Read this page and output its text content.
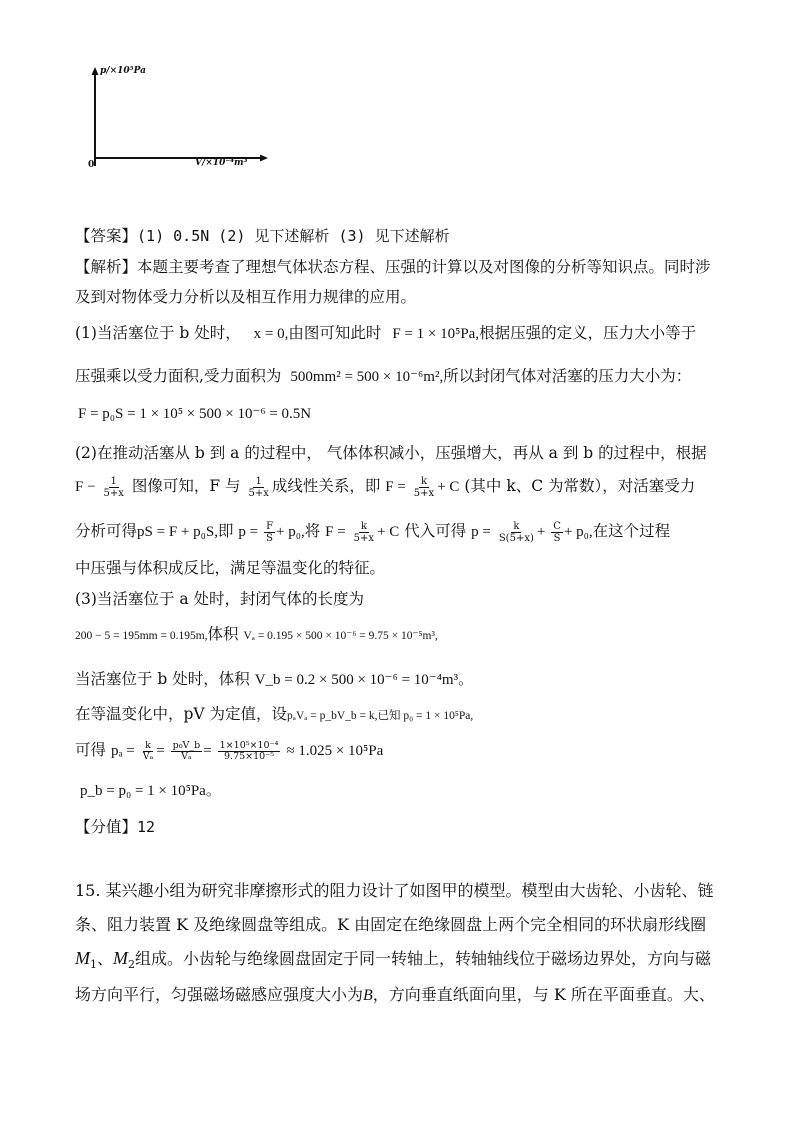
p/×10⁵Pa
V/×10⁻⁴m³
0
【答案】(1) 0.5N (2) 见下述解析 (3) 见下述解析
【解析】本题主要考查了理想气体状态方程、压强的计算以及对图像的分析等知识点。同时涉
及到对物体受力分析以及相互作用力规律的应用。
(1)当活塞位于 b 处时， x = 0,由图可知此时 F = 1 × 10⁵Pa,根据压强的定义，压力大小等于
压强乘以受力面积,受力面积为 500mm² = 500 × 10⁻⁶m²,所以封闭气体对活塞的压力大小为：
F = p₀S = 1 × 10⁵ × 500 × 10⁻⁶ = 0.5N
(2)在推动活塞从 b 到 a 的过程中， 气体体积减小，压强增大，再从 a 到 b 的过程中，根据
$F - \frac{1}{5+x}$ 图像可知，F 与 $\frac{1}{5+x}$ 成线性关系，即 $F = \frac{k}{5+x} + C$ (其中 k、C 为常数），对活塞受力
分析可得pS = F + p₀S,即 $p = \frac{F}{S} + p_0$,将 $F = \frac{k}{5+x} + C$ 代入可得 $p = \frac{k}{S(5+x)} + \frac{C}{S} + p_0$,在这个过程
中压强与体积成反比，满足等温变化的特征。
(3)当活塞位于 a 处时，封闭气体的长度为
200 − 5 = 195mm = 0.195m,体积 Vₐ = 0.195 × 500 × 10⁻⁶ = 9.75 × 10⁻⁵m³,
当活塞位于 b 处时，体积 V_b = 0.2 × 500 × 10⁻⁶ = 10⁻⁴m³。
在等温变化中，pV 为定值，设pₐVₐ = p_bV_b = k,已知 p₀ = 1 × 10⁵Pa,
可得 $p_a = \frac{k}{\text{Vₐ}} = \frac{\text{p₀V\_b}}{\text{Vₐ}} = \frac{\text{1×10⁵×10⁻⁴}}{\text{9.75×10⁻⁵}} \approx 1.025 \times 10^5Pa$
p_b = p₀ = 1 × 10⁵Pa。
【分值】12
15. 某兴趣小组为研究非摩擦形式的阻力设计了如图甲的模型。模型由大齿轮、小齿轮、链
条、阻力装置 K 及绝缘圆盘等组成。K 由固定在绝缘圆盘上两个完全相同的环状扇形线圈
$M_1$、$M_2$组成。小齿轮与绝缘圆盘固定于同一转轴上，转轴轴线位于磁场边界处，方向与磁
场方向平行，匀强磁场磁感应强度大小为B，方向垂直纸面向里，与 K 所在平面垂直。大、
